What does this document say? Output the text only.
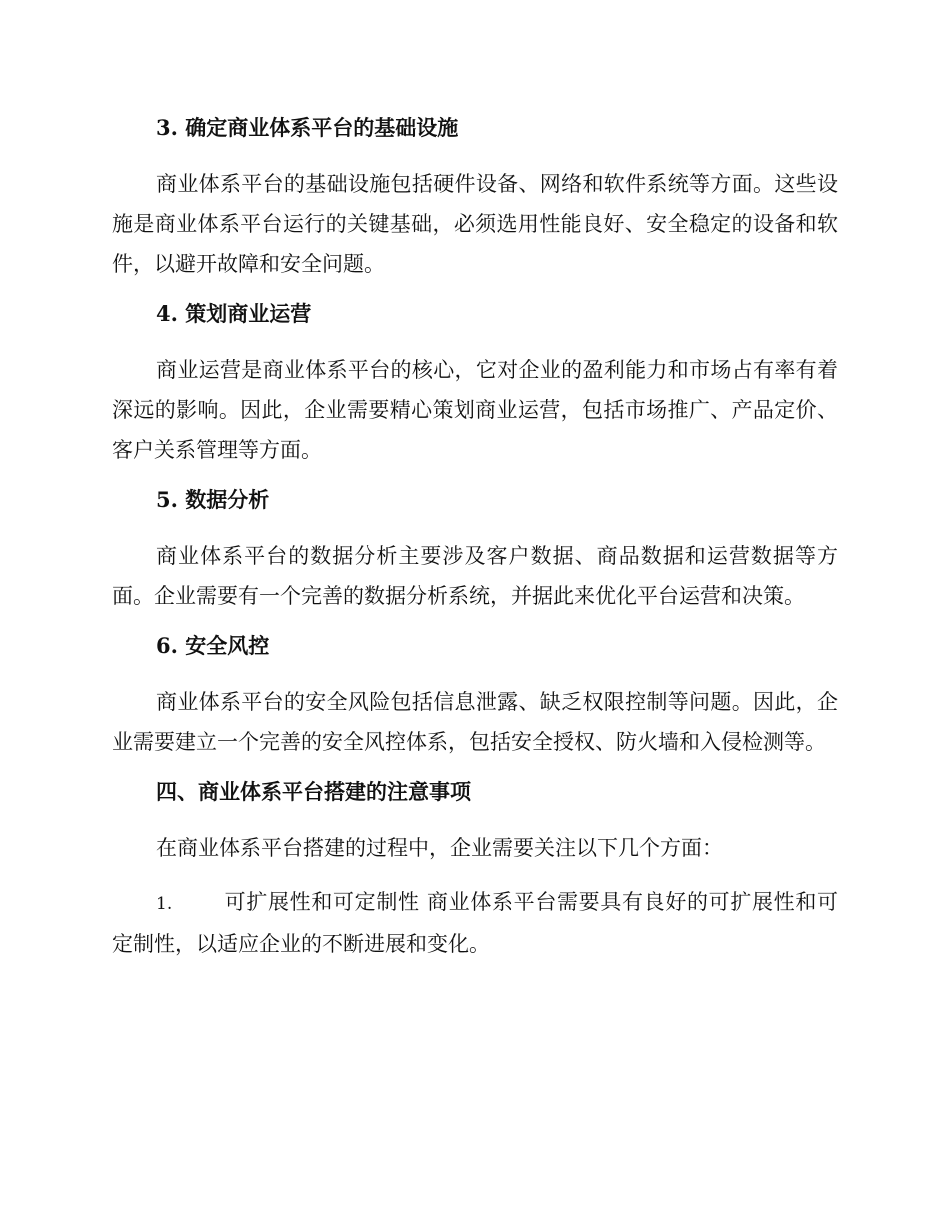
3. 确定商业体系平台的基础设施

商业体系平台的基础设施包括硬件设备、网络和软件系统等方面。这些设施是商业体系平台运行的关键基础，必须选用性能良好、安全稳定的设备和软件，以避开故障和安全问题。

4. 策划商业运营

商业运营是商业体系平台的核心，它对企业的盈利能力和市场占有率有着深远的影响。因此，企业需要精心策划商业运营，包括市场推广、产品定价、客户关系管理等方面。

5. 数据分析

商业体系平台的数据分析主要涉及客户数据、商品数据和运营数据等方面。企业需要有一个完善的数据分析系统，并据此来优化平台运营和决策。

6. 安全风控

商业体系平台的安全风险包括信息泄露、缺乏权限控制等问题。因此，企业需要建立一个完善的安全风控体系，包括安全授权、防火墙和入侵检测等。

四、商业体系平台搭建的注意事项

在商业体系平台搭建的过程中，企业需要关注以下几个方面：

1. 可扩展性和可定制性 商业体系平台需要具有良好的可扩展性和可定制性，以适应企业的不断进展和变化。
